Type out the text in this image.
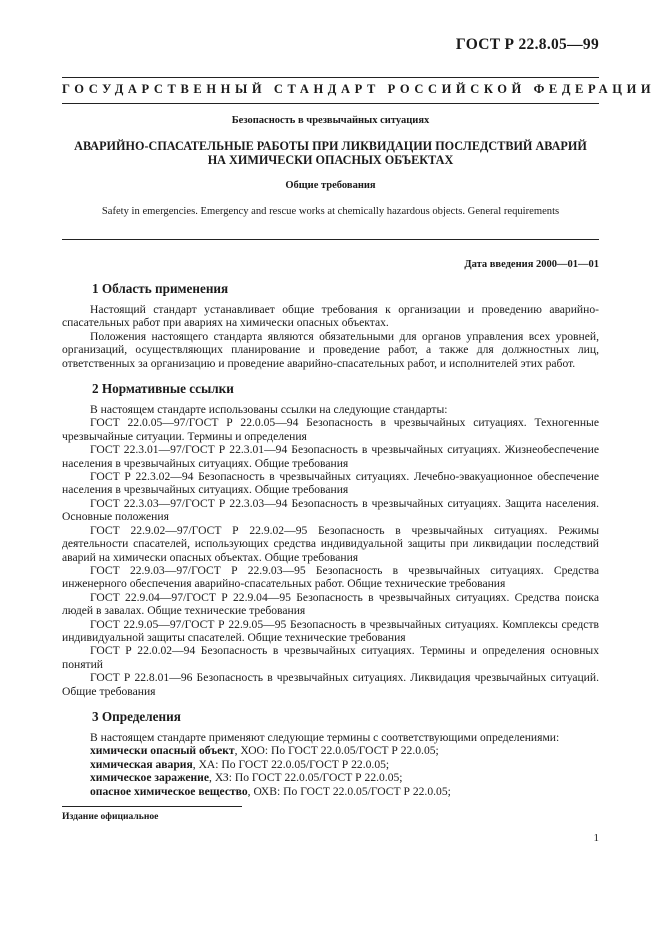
ГОСТ Р 22.8.05—99
ГОСУДАРСТВЕННЫЙ СТАНДАРТ РОССИЙСКОЙ ФЕДЕРАЦИИ
Безопасность в чрезвычайных ситуациях
АВАРИЙНО-СПАСАТЕЛЬНЫЕ РАБОТЫ ПРИ ЛИКВИДАЦИИ ПОСЛЕДСТВИЙ АВАРИЙ
НА ХИМИЧЕСКИ ОПАСНЫХ ОБЪЕКТАХ
Общие требования
Safety in emergencies. Emergency and rescue works at chemically hazardous objects. General requirements
Дата введения 2000—01—01
1 Область применения

Настоящий стандарт устанавливает общие требования к организации и проведению аварийно-спасательных работ при авариях на химически опасных объектах.

Положения настоящего стандарта являются обязательными для органов управления всех уровней, организаций, осуществляющих планирование и проведение работ, а также для должностных лиц, ответственных за организацию и проведение аварийно-спасательных работ, и исполнителей этих работ.

2 Нормативные ссылки

В настоящем стандарте использованы ссылки на следующие стандарты:

ГОСТ 22.0.05—97/ГОСТ Р 22.0.05—94 Безопасность в чрезвычайных ситуациях. Техногенные чрезвычайные ситуации. Термины и определения

ГОСТ 22.3.01—97/ГОСТ Р 22.3.01—94 Безопасность в чрезвычайных ситуациях. Жизнеобеспечение населения в чрезвычайных ситуациях. Общие требования

ГОСТ Р 22.3.02—94 Безопасность в чрезвычайных ситуациях. Лечебно-эвакуационное обеспечение населения в чрезвычайных ситуациях. Общие требования

ГОСТ 22.3.03—97/ГОСТ Р 22.3.03—94 Безопасность в чрезвычайных ситуациях. Защита населения. Основные положения

ГОСТ 22.9.02—97/ГОСТ Р 22.9.02—95 Безопасность в чрезвычайных ситуациях. Режимы деятельности спасателей, использующих средства индивидуальной защиты при ликвидации последствий аварий на химически опасных объектах. Общие требования

ГОСТ 22.9.03—97/ГОСТ Р 22.9.03—95 Безопасность в чрезвычайных ситуациях. Средства инженерного обеспечения аварийно-спасательных работ. Общие технические требования

ГОСТ 22.9.04—97/ГОСТ Р 22.9.04—95 Безопасность в чрезвычайных ситуациях. Средства поиска людей в завалах. Общие технические требования

ГОСТ 22.9.05—97/ГОСТ Р 22.9.05—95 Безопасность в чрезвычайных ситуациях. Комплексы средств индивидуальной защиты спасателей. Общие технические требования

ГОСТ Р 22.0.02—94 Безопасность в чрезвычайных ситуациях. Термины и определения основных понятий

ГОСТ Р 22.8.01—96 Безопасность в чрезвычайных ситуациях. Ликвидация чрезвычайных ситуаций. Общие требования

3 Определения

В настоящем стандарте применяют следующие термины с соответствующими определениями:

химически опасный объект, ХОО: По ГОСТ 22.0.05/ГОСТ Р 22.0.05;

химическая авария, ХА: По ГОСТ 22.0.05/ГОСТ Р 22.0.05;

химическое заражение, ХЗ: По ГОСТ 22.0.05/ГОСТ Р 22.0.05;

опасное химическое вещество, ОХВ: По ГОСТ 22.0.05/ГОСТ Р 22.0.05;

Издание официальное
1
